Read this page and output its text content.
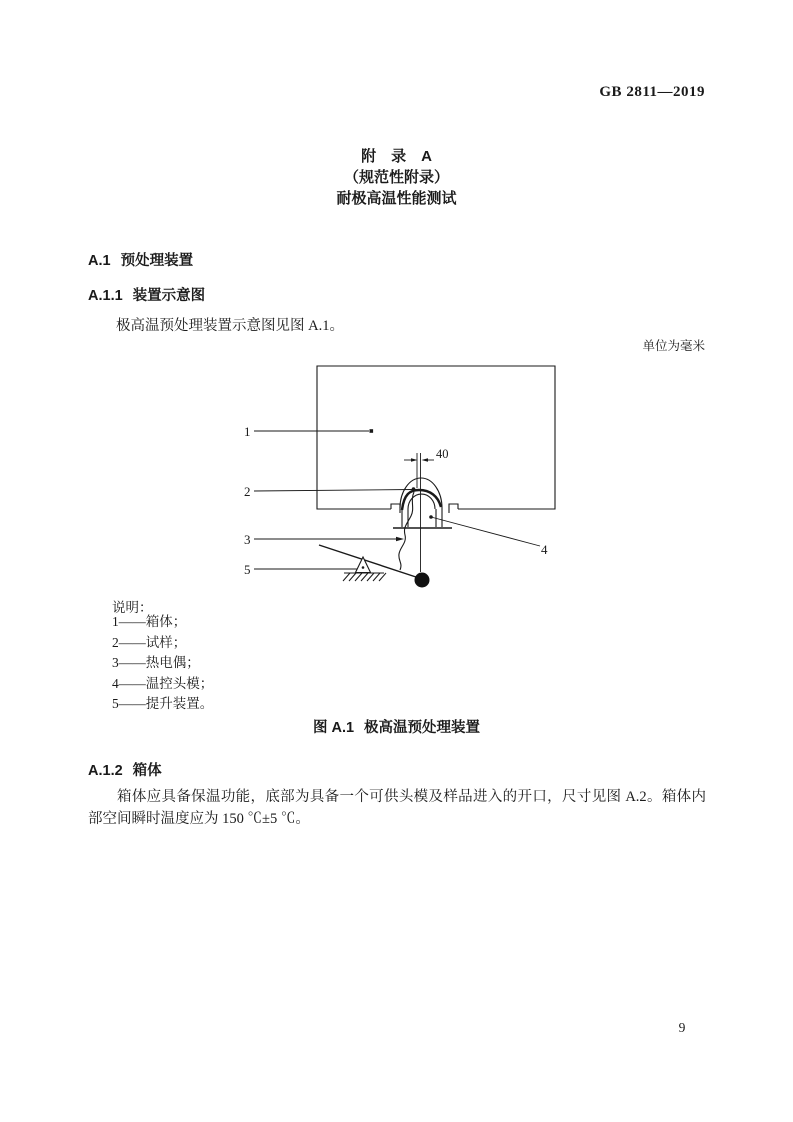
GB 2811—2019
附　录　A
（规范性附录）
耐极高温性能测试
A.1 预处理装置
A.1.1 装置示意图

极高温预处理装置示意图见图 A.1。

单位为毫米
40
1
2
3
4
5
说明：
1——箱体；
2——试样；
3——热电偶；
4——温控头模；
5——提升装置。
图 A.1 极高温预处理装置
A.1.2 箱体

箱体应具备保温功能，底部为具备一个可供头模及样品进入的开口，尺寸见图 A.2。箱体内部空间瞬时温度应为 150 ℃±5 ℃。

9
